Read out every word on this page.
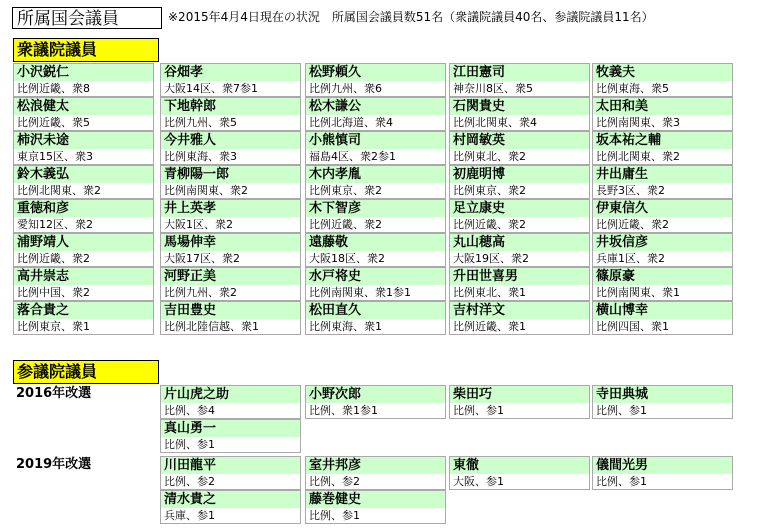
所属国会議員	※2015年4月4日現在の状況　所属国会議員数51名（衆議院議員40名、参議院議員11名）
衆議院議員
参議院議員
小沢鋭仁
比例近畿、衆8
谷畑孝
大阪14区、衆7参1
松野頼久
比例九州、衆6
江田憲司
神奈川8区、衆5
牧義夫
比例東海、衆5
松浪健太
比例近畿、衆5
下地幹郎
比例九州、衆5
松木謙公
比例北海道、衆4
石関貴史
比例北関東、衆4
太田和美
比例南関東、衆3
柿沢未途
東京15区、衆3
今井雅人
比例東海、衆3
小熊慎司
福島4区、衆2参1
村岡敏英
比例東北、衆2
坂本祐之輔
比例北関東、衆2
鈴木義弘
比例北関東、衆2
青柳陽一郎
比例南関東、衆2
木内孝胤
比例東京、衆2
初鹿明博
比例東京、衆2
井出庸生
長野3区、衆2
重徳和彦
愛知12区、衆2
井上英孝
大阪1区、衆2
木下智彦
比例近畿、衆2
足立康史
比例近畿、衆2
伊東信久
比例近畿、衆2
浦野靖人
比例近畿、衆2
馬場伸幸
大阪17区、衆2
遠藤敬
大阪18区、衆2
丸山穂高
大阪19区、衆2
井坂信彦
兵庫1区、衆2
高井崇志
比例中国、衆2
河野正美
比例九州、衆2
水戸将史
比例南関東、衆1参1
升田世喜男
比例東北、衆1
篠原豪
比例南関東、衆1
落合貴之
比例東京、衆1
吉田豊史
比例北陸信越、衆1
松田直久
比例東海、衆1
吉村洋文
比例近畿、衆1
横山博幸
比例四国、衆1
2016年改選	片山虎之助
比例、参4
小野次郎
比例、衆1参1
柴田巧
比例、参1
寺田典城
比例、参1
真山勇一
比例、参1
2019年改選	川田龍平
比例、参2
室井邦彦
比例、参2
東徹
大阪、参1
儀間光男
比例、参1
清水貴之
兵庫、参1
藤巻健史
比例、参1
